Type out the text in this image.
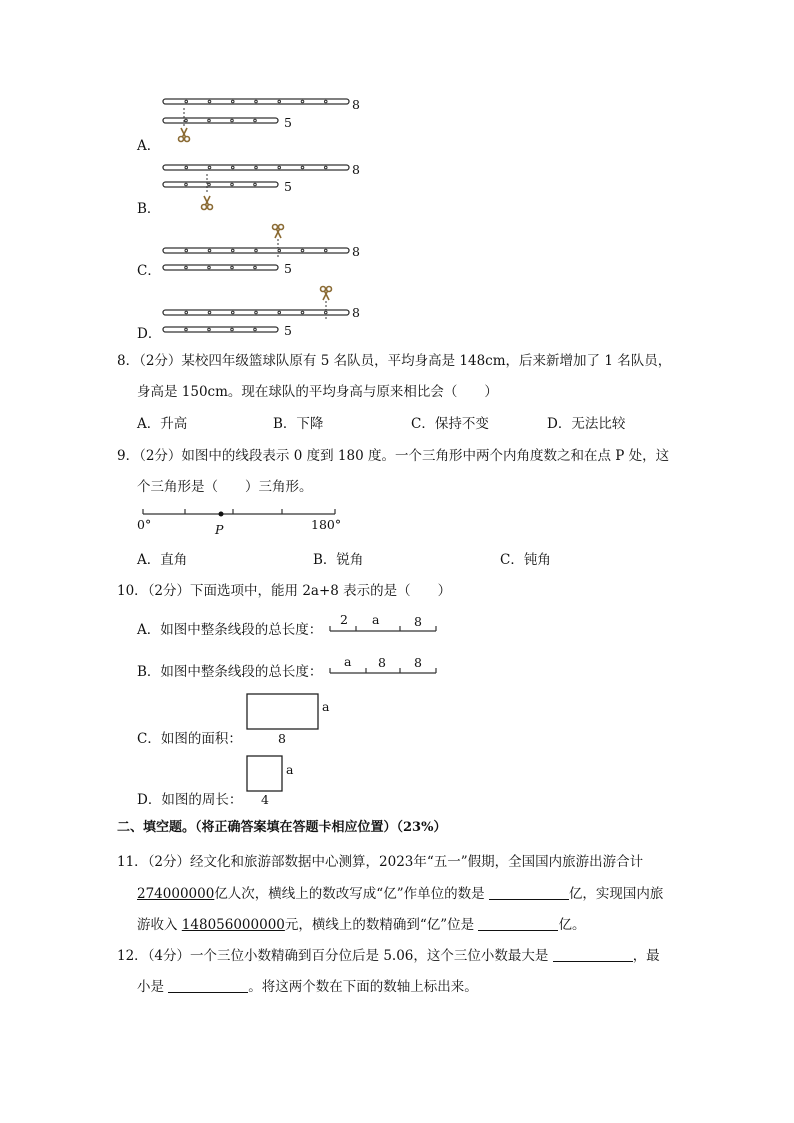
8
5
A．
8
5
B．
8
5
C．
8
5
D．
8．（2分）某校四年级篮球队原有 5 名队员，平均身高是 148cm，后来新增加了 1 名队员，
身高是 150cm。现在球队的平均身高与原来相比会（　　）
A．升高	B．下降	C．保持不变	D．无法比较
9．（2分）如图中的线段表示 0 度到 180 度。一个三角形中两个内角度数之和在点 P 处，这
个三角形是（　　）三角形。
0°	P	180°
A．直角	B．锐角	C．钝角
10．（2分）下面选项中，能用 2a+8 表示的是（　　）
A．如图中整条线段的总长度：
2 a	8
B．如图中整条线段的总长度：
a 8 8
C．如图的面积：
a
8
D．如图的周长：
a
4
二、填空题。（将正确答案填在答题卡相应位置）（23%）
11．（2分）经文化和旅游部数据中心测算，2023年“五一”假期，全国国内旅游出游合计
274000000亿人次，横线上的数改写成“亿”作单位的数是	亿，实现国内旅
游收入 148056000000元，横线上的数精确到“亿”位是	亿。
12．（4分）一个三位小数精确到百分位后是 5.06，这个三位小数最大是	，最
小是	。将这两个数在下面的数轴上标出来。
